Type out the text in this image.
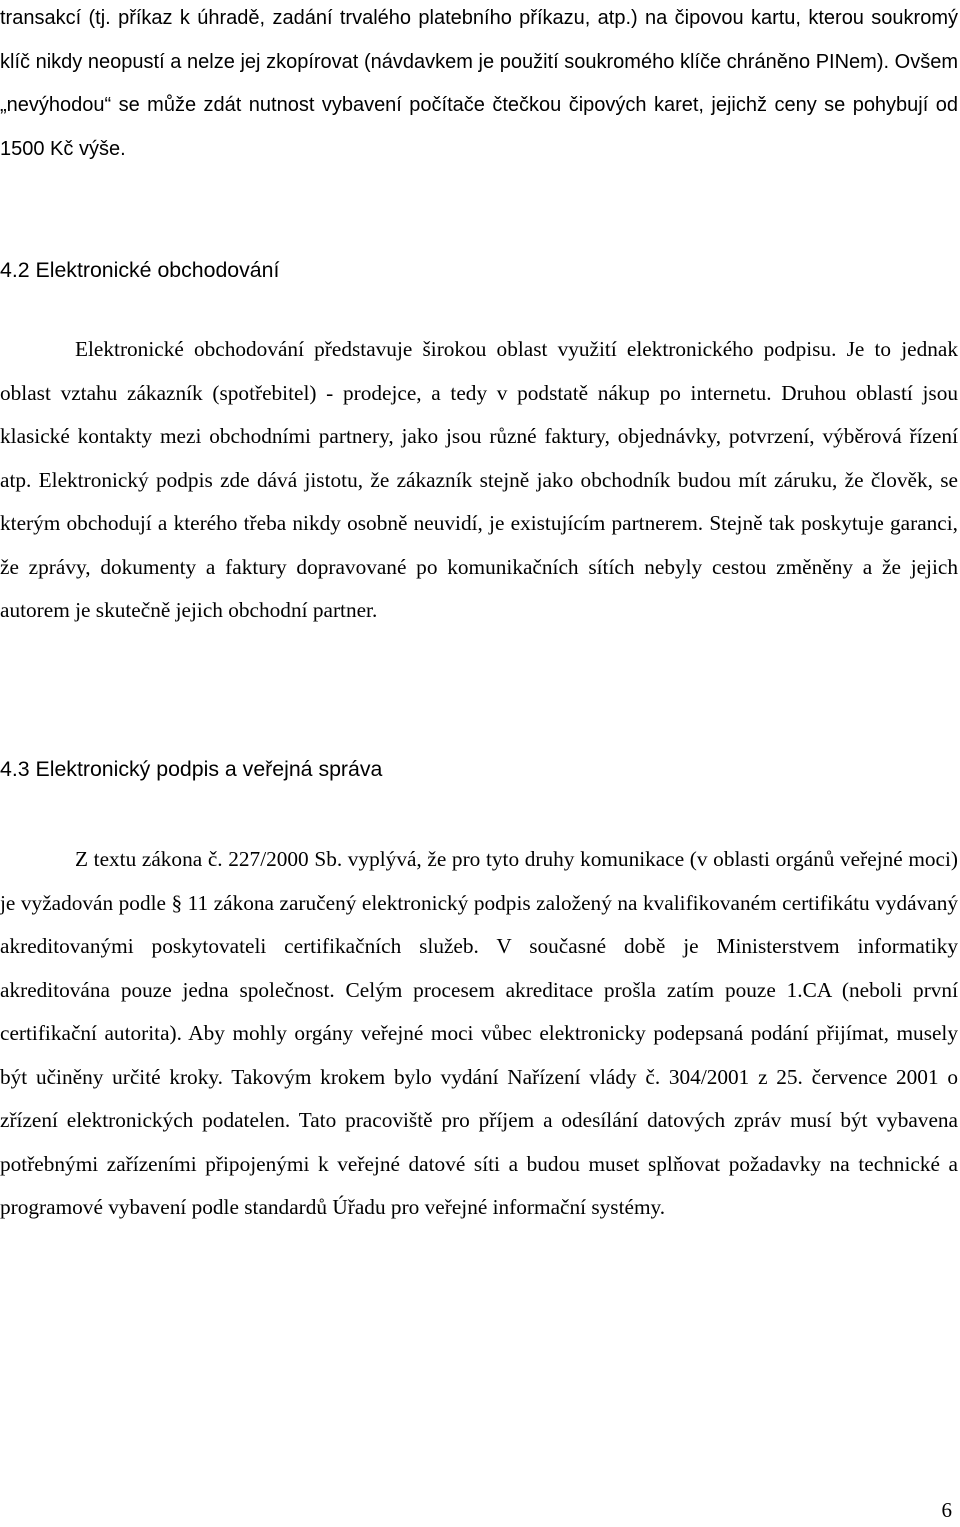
transakcí (tj. příkaz k úhradě, zadání trvalého platebního příkazu, atp.) na čipovou kartu, kterou soukromý klíč nikdy neopustí a nelze jej zkopírovat (návdavkem je použití soukromého klíče chráněno PINem). Ovšem „nevýhodou“ se může zdát nutnost vybavení počítače čtečkou čipových karet, jejichž ceny se pohybují od 1500 Kč výše.

4.2 Elektronické obchodování

Elektronické obchodování představuje širokou oblast využití elektronického podpisu. Je to jednak oblast vztahu zákazník (spotřebitel) - prodejce, a tedy v podstatě nákup po internetu. Druhou oblastí jsou klasické kontakty mezi obchodními partnery, jako jsou různé faktury, objednávky, potvrzení, výběrová řízení atp. Elektronický podpis zde dává jistotu, že zákazník stejně jako obchodník budou mít záruku, že člověk, se kterým obchodují a kterého třeba nikdy osobně neuvidí, je existujícím partnerem. Stejně tak poskytuje garanci, že zprávy, dokumenty a faktury dopravované po komunikačních sítích nebyly cestou změněny a že jejich autorem je skutečně jejich obchodní partner.

4.3 Elektronický podpis a veřejná správa

Z textu zákona č. 227/2000 Sb. vyplývá, že pro tyto druhy komunikace (v oblasti orgánů veřejné moci) je vyžadován podle § 11 zákona zaručený elektronický podpis založený na kvalifikovaném certifikátu vydávaný akreditovanými poskytovateli certifikačních služeb. V současné době je Ministerstvem informatiky akreditována pouze jedna společnost. Celým procesem akreditace prošla zatím pouze 1.CA (neboli první certifikační autorita). Aby mohly orgány veřejné moci vůbec elektronicky podepsaná podání přijímat, musely být učiněny určité kroky. Takovým krokem bylo vydání Nařízení vlády č. 304/2001 z 25. července 2001 o zřízení elektronických podatelen. Tato pracoviště pro příjem a odesílání datových zpráv musí být vybavena potřebnými zařízeními připojenými k veřejné datové síti a budou muset splňovat požadavky na technické a programové vybavení podle standardů Úřadu pro veřejné informační systémy.

6
